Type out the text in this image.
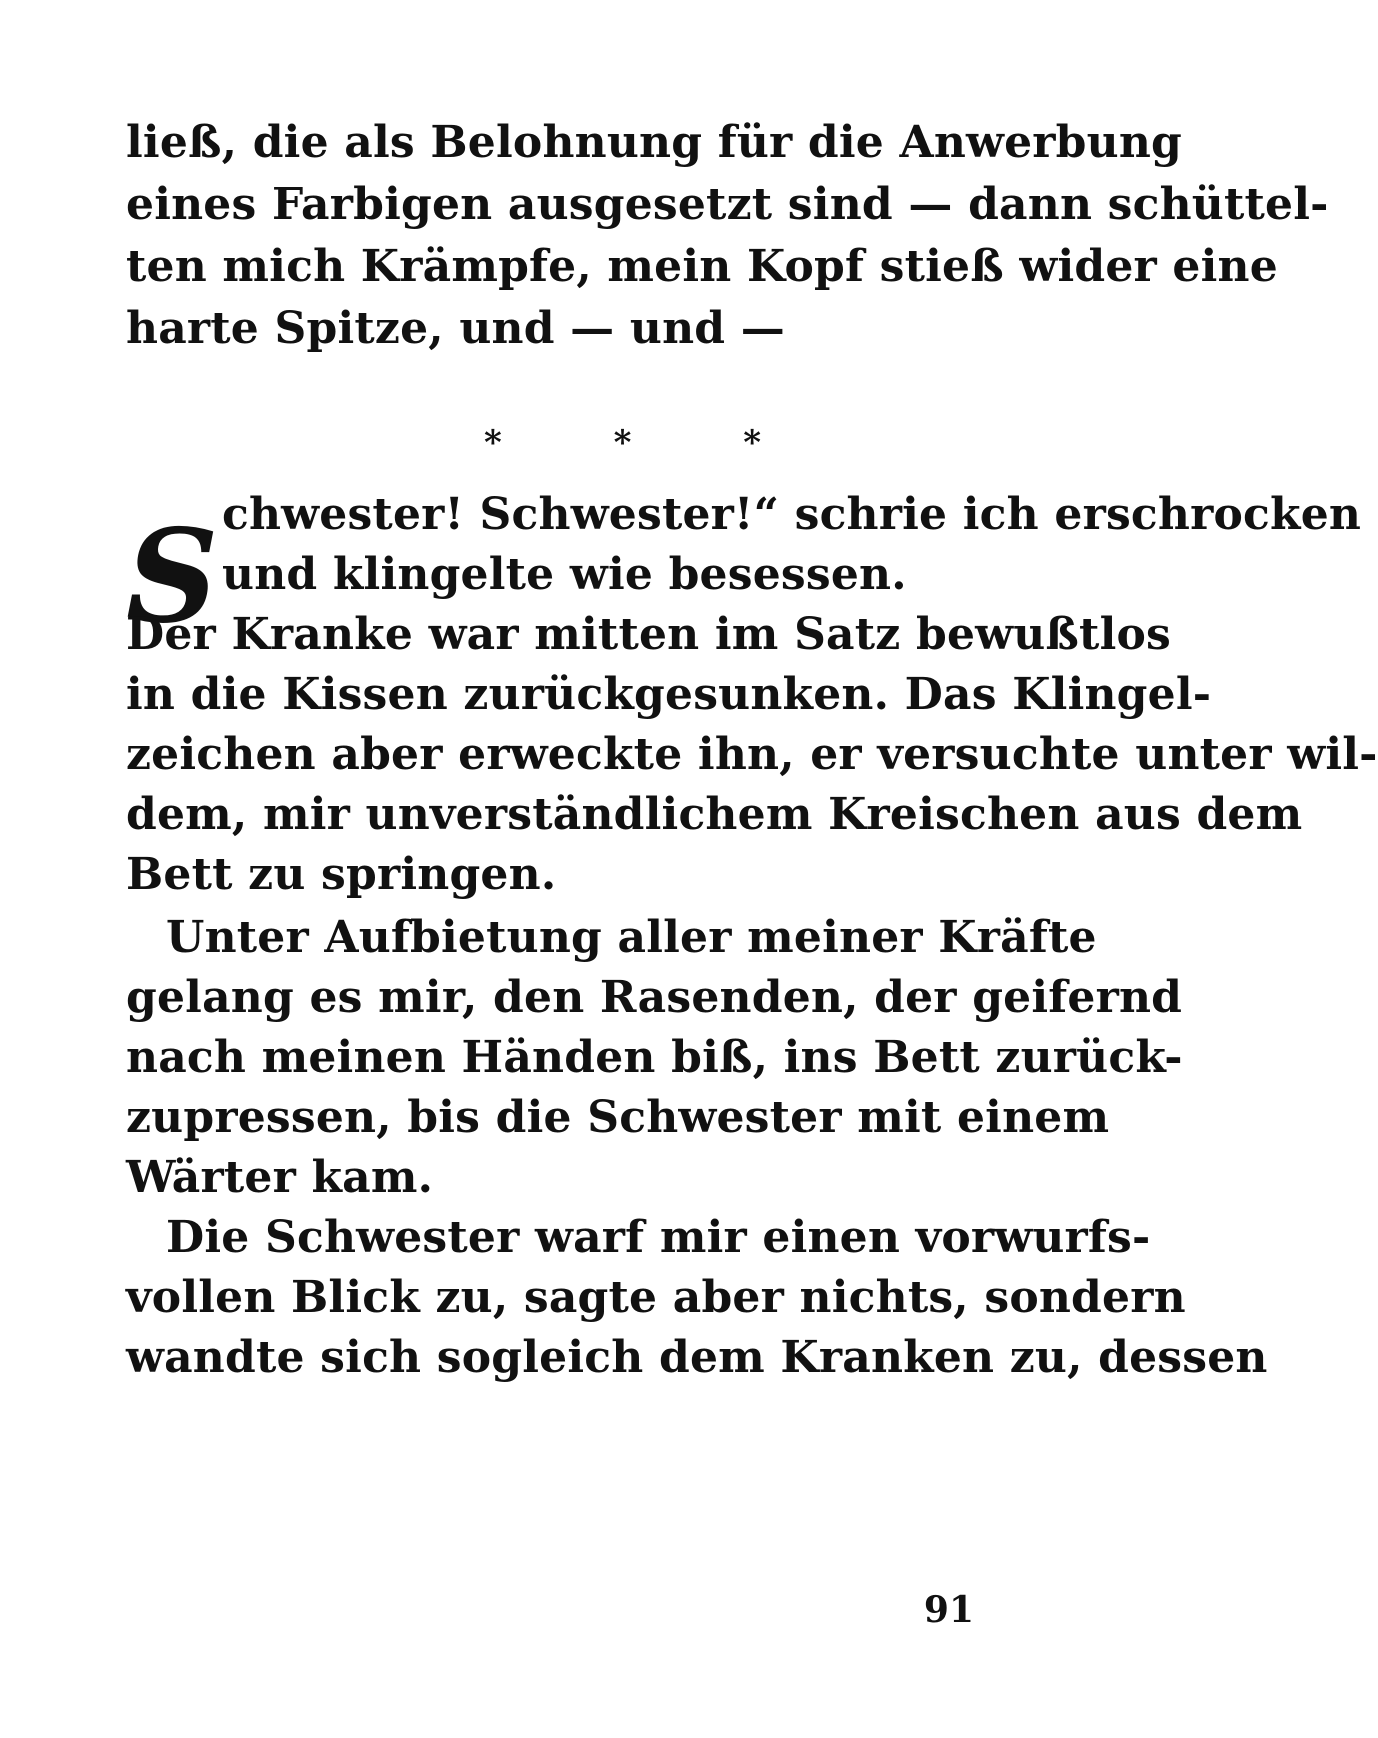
ließ, die als Belohnung für die Anwerbung
eines Farbigen ausgesetzt sind — dann schüttel-
ten mich Krämpfe, mein Kopf stieß wider eine
harte Spitze, und — und —
* * *
S chwester! Schwester!“ schrie ich erschrocken
und klingelte wie besessen.
Der Kranke war mitten im Satz bewußtlos
in die Kissen zurückgesunken. Das Klingel-
zeichen aber erweckte ihn, er versuchte unter wil-
dem, mir unverständlichem Kreischen aus dem
Bett zu springen.
Unter Aufbietung aller meiner Kräfte
gelang es mir, den Rasenden, der geifernd
nach meinen Händen biß, ins Bett zurück-
zupressen, bis die Schwester mit einem
Wärter kam.
Die Schwester warf mir einen vorwurfs-
vollen Blick zu, sagte aber nichts, sondern
wandte sich sogleich dem Kranken zu, dessen
91
